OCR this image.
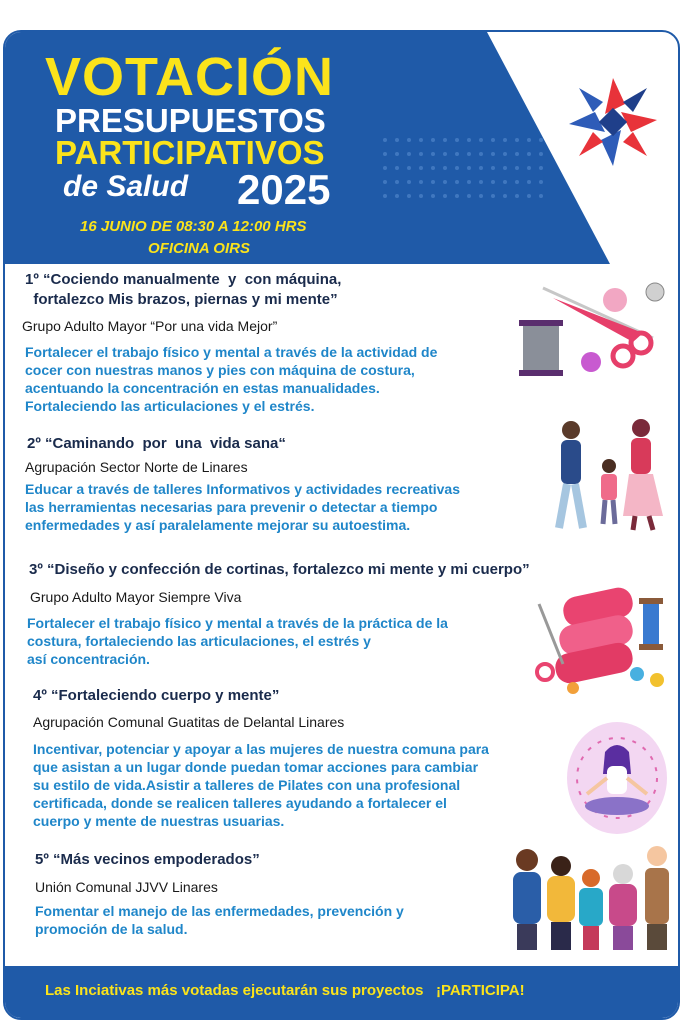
VOTACIÓN
PRESUPUESTOS
PARTICIPATIVOS
de Salud 2025
16 JUNIO DE 08:30 A 12:00 HRS
OFICINA OIRS
1º “Cociendo manualmente  y  con máquina,
fortalezco Mis brazos, piernas y mi mente”
Grupo Adulto Mayor “Por una vida Mejor”
Fortalecer el trabajo físico y mental a través de la actividad de
cocer con nuestras manos y pies con máquina de costura,
acentuando la concentración en estas manualidades.
Fortaleciendo las articulaciones y el estrés.
2º “Caminando  por  una  vida sana“
Agrupación Sector Norte de Linares
Educar a través de talleres Informativos y actividades recreativas
las herramientas necesarias para prevenir o detectar a tiempo
enfermedades y así paralelamente mejorar su autoestima.
3º “Diseño y confección de cortinas, fortalezco mi mente y mi cuerpo”
Grupo Adulto Mayor Siempre Viva
Fortalecer el trabajo físico y mental a través de la práctica de la
costura, fortaleciendo las articulaciones, el estrés y
así concentración.
4º “Fortaleciendo cuerpo y mente”
Agrupación Comunal Guatitas de Delantal Linares
Incentivar, potenciar y apoyar a las mujeres de nuestra comuna para
que asistan a un lugar donde puedan tomar acciones para cambiar
su estilo de vida.Asistir a talleres de Pilates con una profesional
certificada, donde se realicen talleres ayudando a fortalecer el
cuerpo y mente de nuestras usuarias.
5º “Más vecinos empoderados”
Unión Comunal JJVV Linares
Fomentar el manejo de las enfermedades, prevención y
promoción de la salud.
Las Inciativas más votadas ejecutarán sus proyectos   ¡PARTICIPA!
